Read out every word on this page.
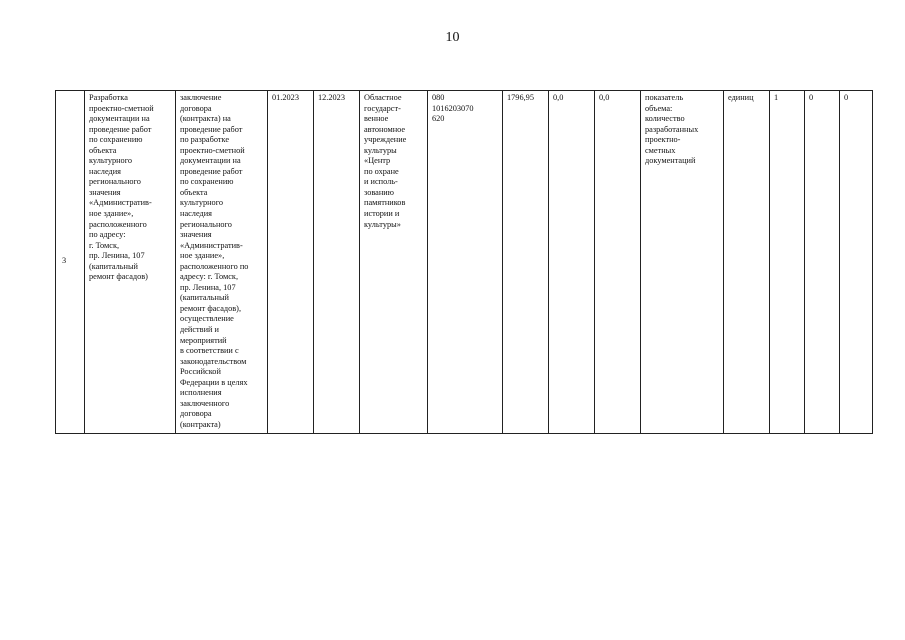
10
3	Разработка
проектно-сметной
документации на
проведение работ
по сохранению
объекта
культурного
наследия
регионального
значения
«Административ-
ное здание»,
расположенного
по адресу:
г. Томск,
пр. Ленина, 107
(капитальный
ремонт фасадов)	заключение
договора
(контракта) на
проведение работ
по разработке
проектно-сметной
документации на
проведение работ
по сохранению
объекта
культурного
наследия
регионального
значения
«Административ-
ное здание»,
расположенного по
адресу: г. Томск,
пр. Ленина, 107
(капитальный
ремонт фасадов),
осуществление
действий и
мероприятий
в соответствии с
законодательством
Российской
Федерации в целях
исполнения
заключенного
договора
(контракта)	01.2023	12.2023	Областное
государст-
венное
автономное
учреждение
культуры
«Центр
по охране
и исполь-
зованию
памятников
истории и
культуры»	080
1016203070
620	1796,95	0,0	0,0	показатель
объема:
количество
разработанных
проектно-
сметных
документаций	единиц	1	0	0
